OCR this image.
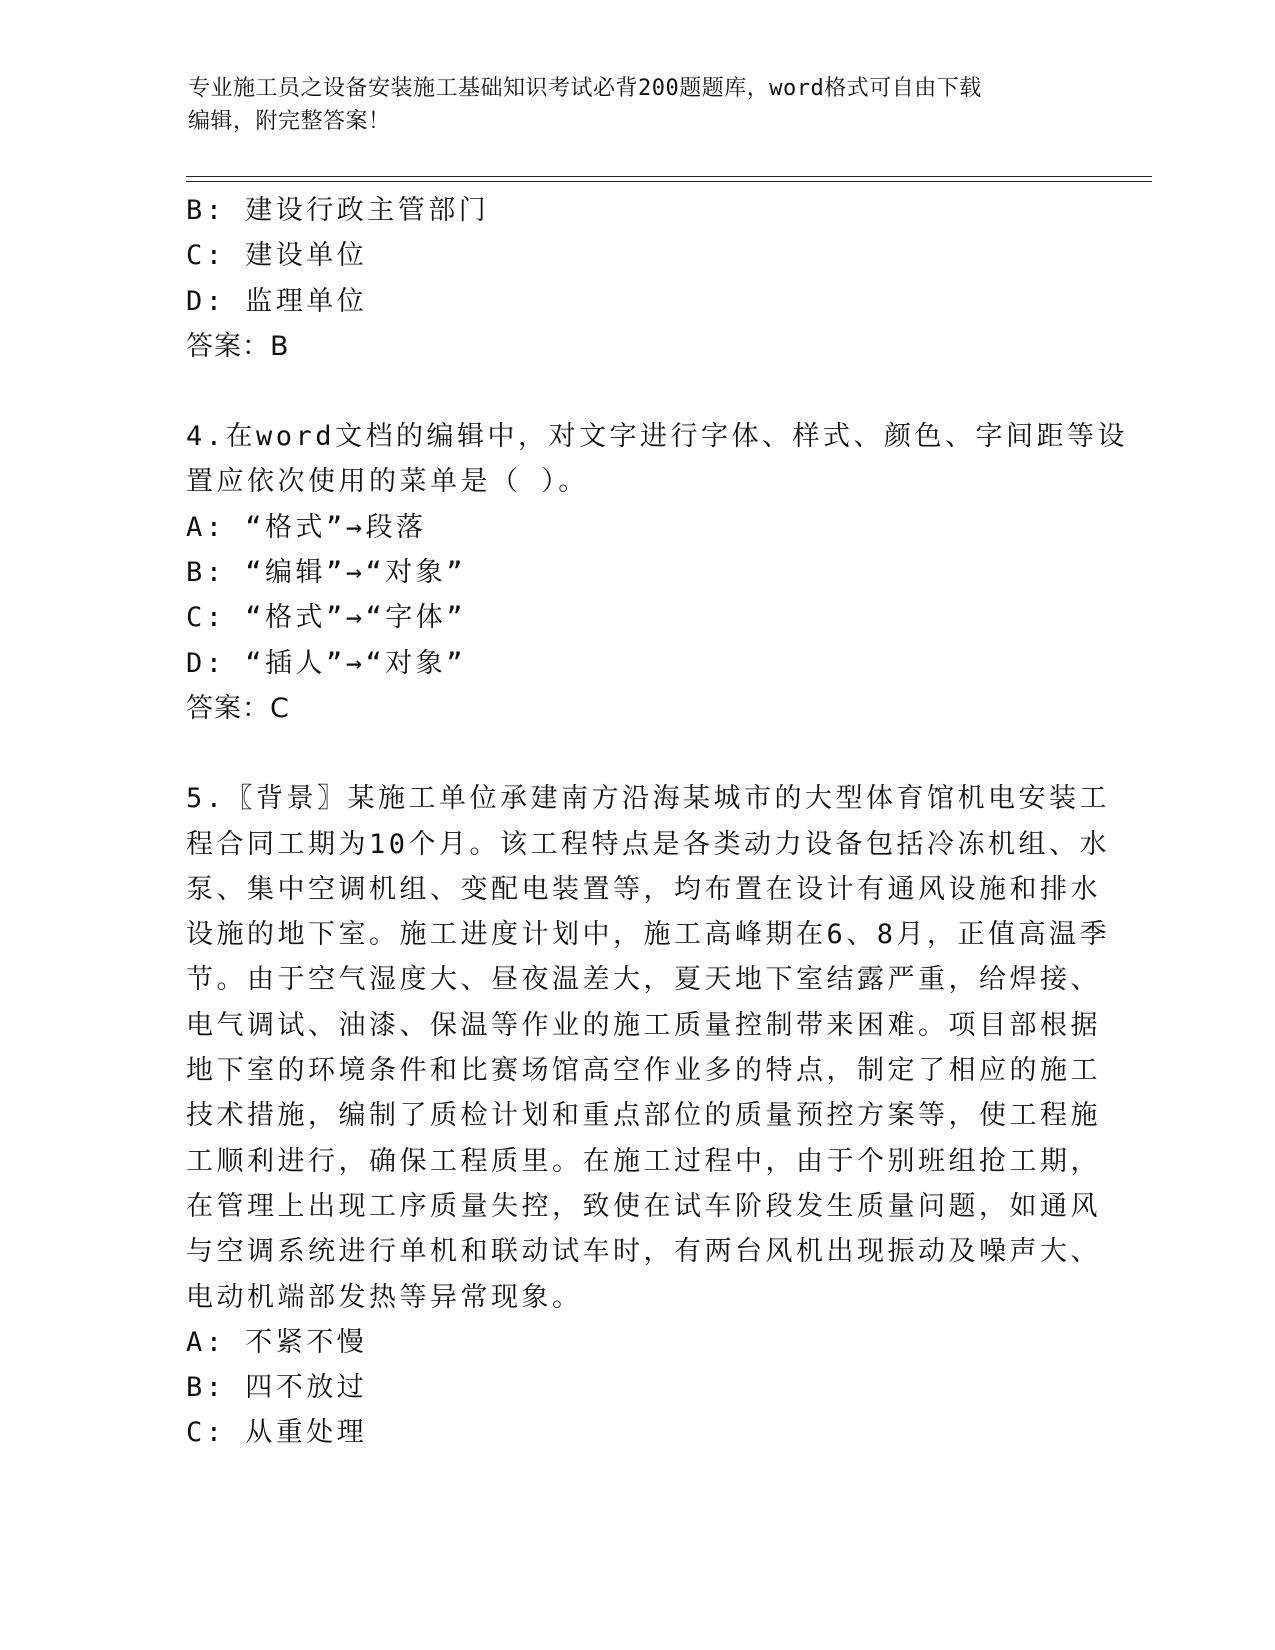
专业施工员之设备安装施工基础知识考试必背200题题库，word格式可自由下载
编辑，附完整答案！
B: 建设行政主管部门
C: 建设单位
D: 监理单位
答案：B
4.在word文档的编辑中，对文字进行字体、样式、颜色、字间距等设
置应依次使用的菜单是（ ）。
A: “格式”→段落
B: “编辑”→“对象”
C: “格式”→“字体”
D: “插人”→“对象”
答案：C
5.〖背景〗某施工单位承建南方沿海某城市的大型体育馆机电安装工
程合同工期为10个月。该工程特点是各类动力设备包括冷冻机组、水
泵、集中空调机组、变配电装置等，均布置在设计有通风设施和排水
设施的地下室。施工进度计划中，施工高峰期在6、8月，正值高温季
节。由于空气湿度大、昼夜温差大，夏天地下室结露严重，给焊接、
电气调试、油漆、保温等作业的施工质量控制带来困难。项目部根据
地下室的环境条件和比赛场馆高空作业多的特点，制定了相应的施工
技术措施，编制了质检计划和重点部位的质量预控方案等，使工程施
工顺利进行，确保工程质里。在施工过程中，由于个别班组抢工期，
在管理上出现工序质量失控，致使在试车阶段发生质量问题，如通风
与空调系统进行单机和联动试车时，有两台风机出现振动及噪声大、
电动机端部发热等异常现象。
A: 不紧不慢
B: 四不放过
C: 从重处理
